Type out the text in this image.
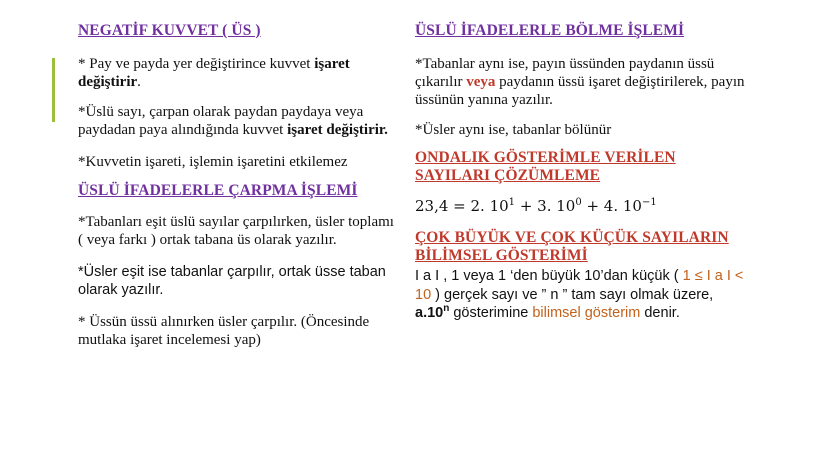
NEGATİF KUVVET ( ÜS )

* Pay ve payda yer değiştirince kuvvet işaret değiştirir.

*Üslü sayı, çarpan olarak paydan paydaya veya paydadan paya alındığında kuvvet işaret değiştirir.

*Kuvvetin işareti, işlemin işaretini etkilemez

ÜSLÜ İFADELERLE ÇARPMA İŞLEMİ

*Tabanları eşit üslü sayılar çarpılırken, üsler toplamı ( veya farkı ) ortak tabana üs olarak yazılır.

*Üsler eşit ise tabanlar çarpılır, ortak üsse taban olarak yazılır.

* Üssün üssü alınırken üsler çarpılır. (Öncesinde mutlaka işaret incelemesi yap)

ÜSLÜ İFADELERLE BÖLME İŞLEMİ

*Tabanlar aynı ise, payın üssünden paydanın üssü çıkarılır veya paydanın üssü işaret değiştirilerek, payın üssünün yanına yazılır.

*Üsler aynı ise, tabanlar bölünür

ONDALIK GÖSTERİMLE VERİLEN SAYILARI ÇÖZÜMLEME

23,4 = 2. $10^1 + 3$. $10^0 + 4$. $10^{-1}$

ÇOK BÜYÜK VE ÇOK KÜÇÜK SAYILARIN BİLİMSEL GÖSTERİMİ

I a I , 1 veya 1 ‘den büyük 10’dan küçük ( 1 ≤ I a I < 10 ) gerçek sayı ve ” n ” tam sayı olmak üzere, a.10$^n$ gösterimine bilimsel gösterim denir.
